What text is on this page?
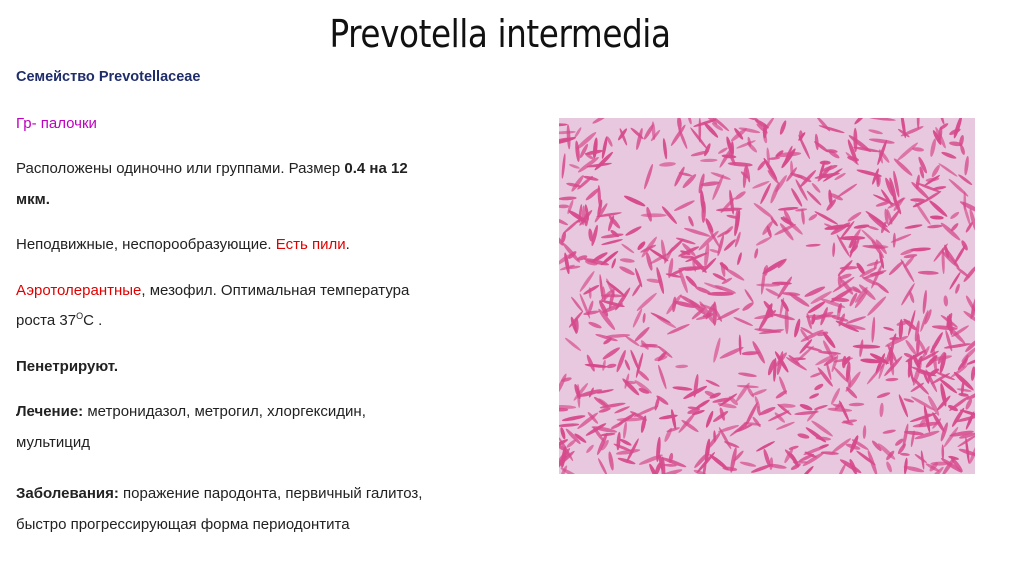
Prevotella intermedia
Семейство Prevotellaceae

Гр- палочки

Расположены одиночно или группами. Размер 0.4 на 12
мкм.

Неподвижные, неспорообразующие. Есть пили.

Аэротолерантные, мезофил. Оптимальная температура
роста $37^ОС$ .

Пенетрируют.

Лечение: метронидазол, метрогил, хлоргексидин,
мультицид

Заболевания: поражение пародонта, первичный галитоз,
быстро прогрессирующая форма периодонтита
